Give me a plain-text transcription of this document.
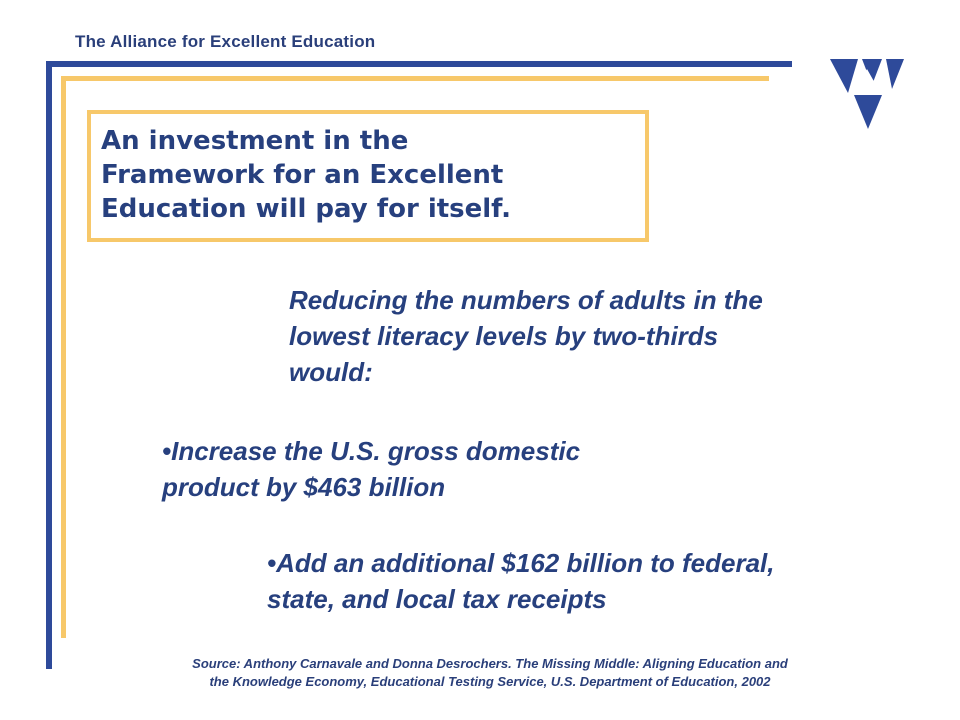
The Alliance for Excellent Education
An investment in the
Framework for an Excellent
Education will pay for itself.
Reducing the numbers of adults in the
lowest literacy levels by two-thirds
would:
•Increase the U.S. gross domestic
product by $463 billion
•Add an additional $162 billion to federal,
state, and local tax receipts
Source: Anthony Carnavale and Donna Desrochers. The Missing Middle: Aligning Education and
the Knowledge Economy, Educational Testing Service, U.S. Department of Education, 2002
